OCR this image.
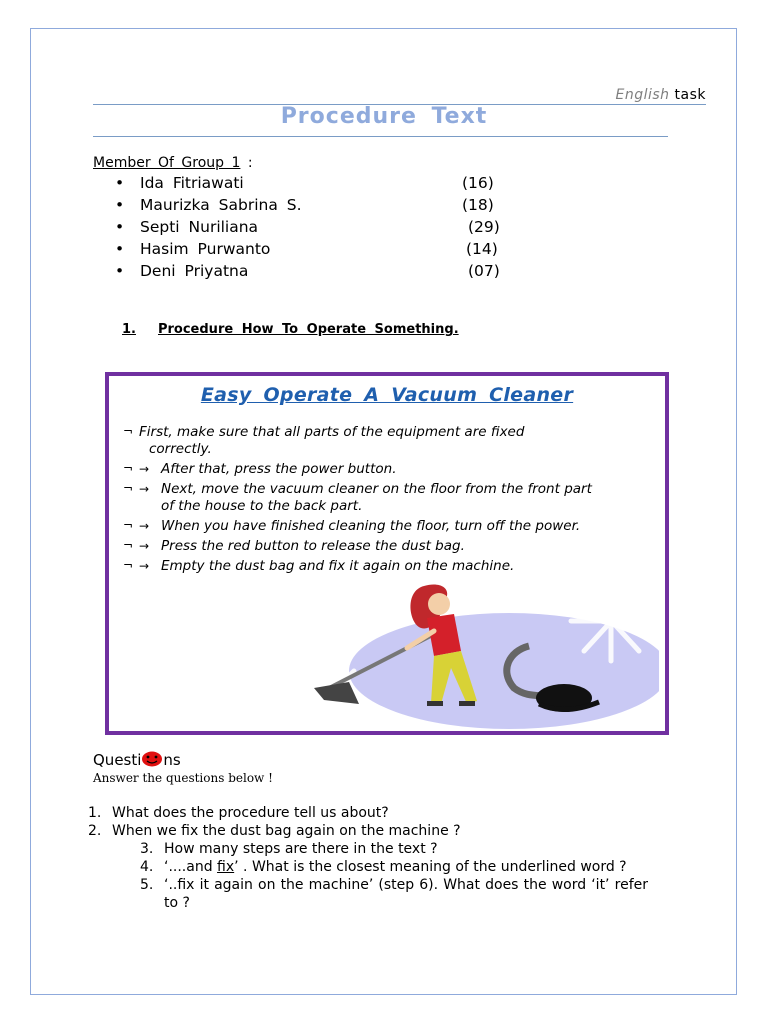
English task
Procedure Text
Member Of Group 1 :
• Ida Fitriawati	(16)
• Maurizka Sabrina S.	(18)
• Septi Nuriliana	(29)
• Hasim Purwanto	(14)
• Deni Priyatna	(07)
1. Procedure How To Operate Something.
Easy Operate A Vacuum Cleaner
¬ First, make sure that all parts of the equipment are fixed
correctly.
¬ → After that, press the power button.
¬ → Next, move the vacuum cleaner on the floor from the front part
of the house to the back part.
¬ → When you have finished cleaning the floor, turn off the power.
¬ → Press the red button to release the dust bag.
¬ → Empty the dust bag and fix it again on the machine.
Questi ns
Answer the questions below !
1. What does the procedure tell us about?
2. When we fix the dust bag again on the machine ?
3. How many steps are there in the text ?
4. ‘....and fix’ . What is the closest meaning of the underlined word ?
5. ‘..fix it again on the machine’ (step 6). What does the word ‘it’ refer to ?
